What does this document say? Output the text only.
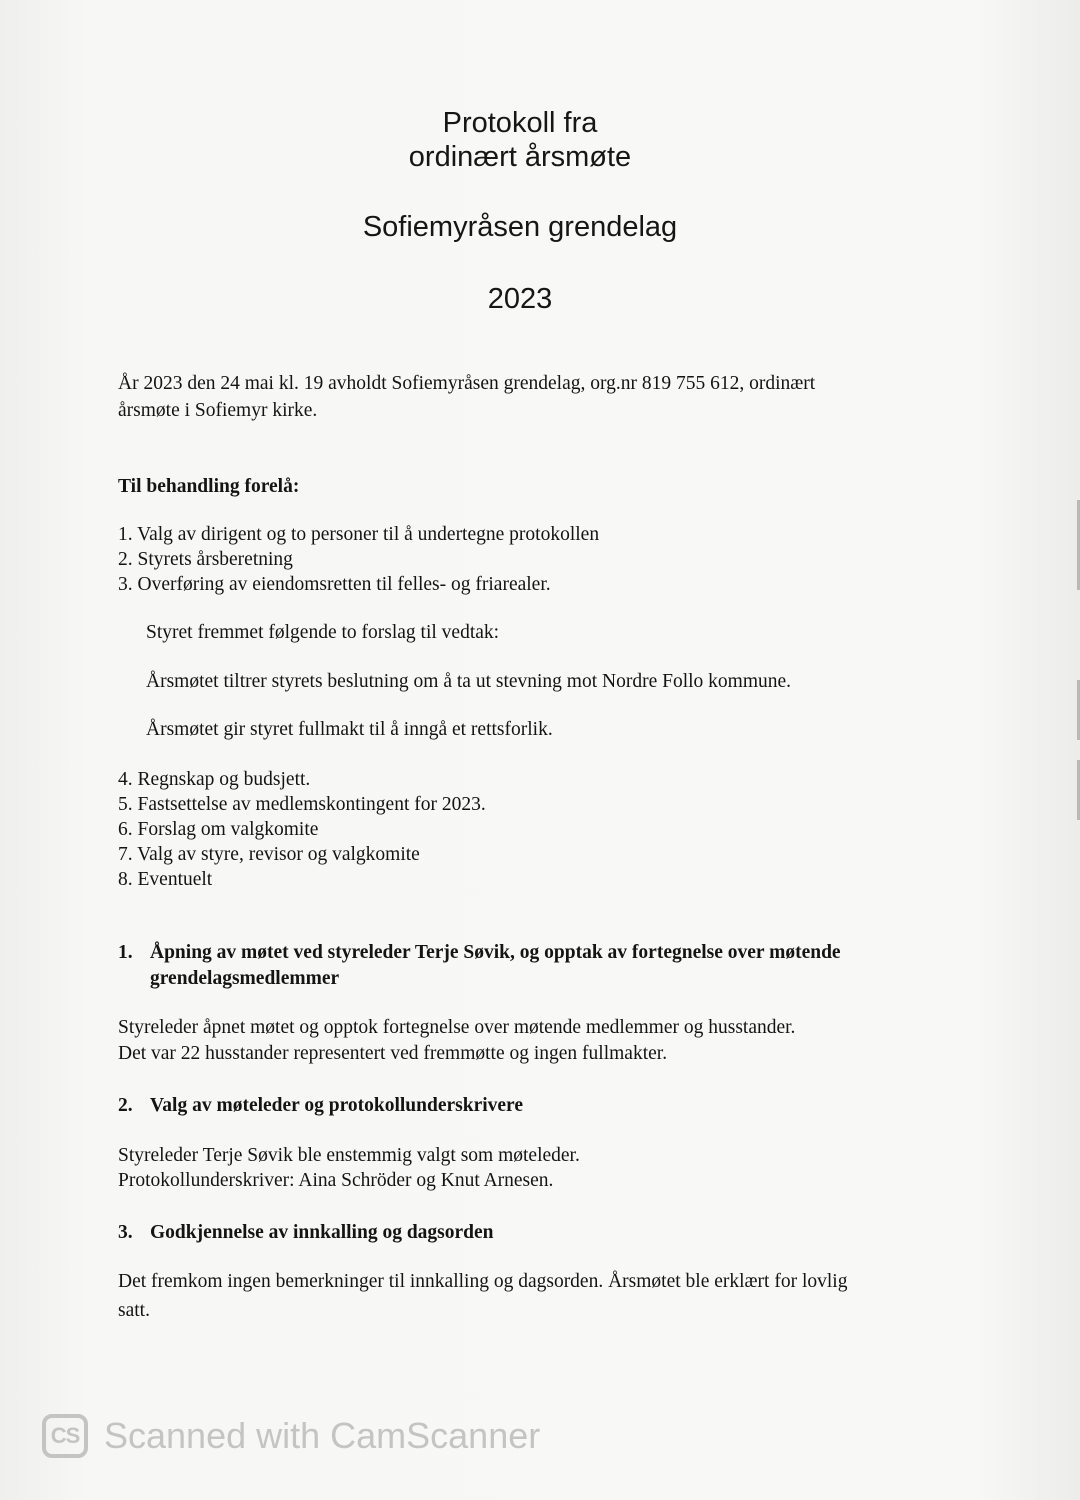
Protokoll fra
ordinært årsmøte
Sofiemyråsen grendelag
2023
År 2023 den 24 mai kl. 19 avholdt Sofiemyråsen grendelag, org.nr 819 755 612, ordinært
årsmøte i Sofiemyr kirke.
Til behandling forelå:
1. Valg av dirigent og to personer til å undertegne protokollen
2. Styrets årsberetning
3. Overføring av eiendomsretten til felles- og friarealer.
Styret fremmet følgende to forslag til vedtak:
Årsmøtet tiltrer styrets beslutning om å ta ut stevning mot Nordre Follo kommune.
Årsmøtet gir styret fullmakt til å inngå et rettsforlik.
4. Regnskap og budsjett.
5. Fastsettelse av medlemskontingent for 2023.
6. Forslag om valgkomite
7. Valg av styre, revisor og valgkomite
8. Eventuelt
1. Åpning av møtet ved styreleder Terje Søvik, og opptak av fortegnelse over møtende
grendelagsmedlemmer
Styreleder åpnet møtet og opptok fortegnelse over møtende medlemmer og husstander.
Det var 22 husstander representert ved fremmøtte og ingen fullmakter.
2. Valg av møteleder og protokollunderskrivere
Styreleder Terje Søvik ble enstemmig valgt som møteleder.
Protokollunderskriver: Aina Schröder og Knut Arnesen.
3. Godkjennelse av innkalling og dagsorden
Det fremkom ingen bemerkninger til innkalling og dagsorden. Årsmøtet ble erklært for lovlig
satt.
CS Scanned with CamScanner
